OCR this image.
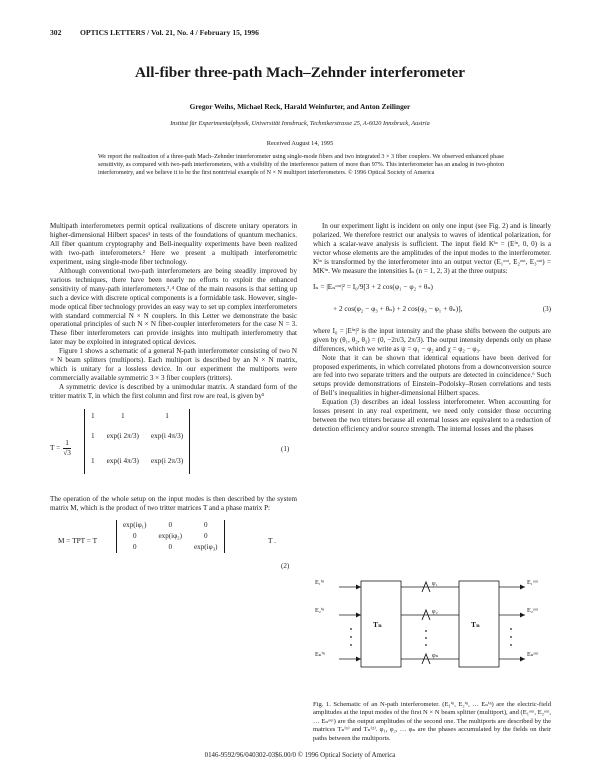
302 OPTICS LETTERS / Vol. 21, No. 4 / February 15, 1996
All-fiber three-path Mach–Zehnder interferometer
Gregor Weihs, Michael Reck, Harald Weinfurter, and Anton Zeilinger
Institut für Experimentalphysik, Universität Innsbruck, Technikerstrasse 25, A-6020 Innsbruck, Austria
Received August 14, 1995
We report the realization of a three-path Mach–Zehnder interferometer using single-mode fibers and two integrated 3 × 3 fiber couplers. We observed enhanced phase sensitivity, as compared with two-path interferometers, with a visibility of the interference pattern of more than 97%. This interferometer has an analog in two-photon interferometry, and we believe it to be the first nontrivial example of N × N multiport interferometers. © 1996 Optical Society of America

Multipath interferometers permit optical realizations of discrete unitary operators in higher-dimensional Hilbert spaces¹ in tests of the foundations of quantum mechanics. All fiber quantum cryptography and Bell-inequality experiments have been realized with two-path inteferometers.² Here we present a multipath interferometric experiment, using single-mode fiber technology.

Although conventional two-path interferometers are being steadily improved by various techniques, there have been nearly no efforts to exploit the enhanced sensitivity of many-path interferometers.³˒⁴ One of the main reasons is that setting up such a device with discrete optical components is a formidable task. However, single-mode optical fiber technology provides an easy way to set up complex interferometers with standard commercial N × N couplers. In this Letter we demonstrate the basic operational principles of such N × N fiber-coupler interferometers for the case N = 3. These fiber interferometers can provide insights into multipath interferometry that later may be exploited in integrated optical devices.

Figure 1 shows a schematic of a general N-path interferometer consisting of two N × N beam splitters (multiports). Each multiport is described by an N × N matrix, which is unitary for a lossless device. In our experiment the multiports were commercially available symmetric 3 × 3 fiber couplers (tritters).

A symmetric device is described by a unimodular matrix. A standard form of the tritter matrix T, in which the first column and first row are real, is given by⁵

$T = \frac{1}{√3}$
1	1	1
1	exp(i 2π/3)	exp(i 4π/3)
1	exp(i 4π/3)	exp(i 2π/3)
(1)

The operation of the whole setup on the input modes is then described by the system matrix M, which is the product of two tritter matrices T and a phase matrix P:

M = TPT = T
exp(iφ₁)	0	0
0	exp(iφ₂)	0
0	0	exp(iφ₃)
T .
(2)

In our experiment light is incident on only one input (see Fig. 2) and is linearly polarized. We therefore restrict our analysis to waves of identical polarization, for which a scalar-wave analysis is sufficient. The input field Kⁱⁿ = (Eⁱⁿ, 0, 0) is a vector whose elements are the amplitudes of the input modes to the interferometer. Kⁱⁿ is transformed by the interferometer into an output vector (E₁ᵒᵘᵗ, E₂ᵒᵘᵗ, E₃ᵒᵘᵗ) = MKⁱⁿ. We measure the intensities Iₙ (n = 1, 2, 3) at the three outputs:

Iₙ = |Eₙᵒᵘᵗ|² = I₀/9[3 + 2 cos(φ₁ − φ₂ + θₙ)
+ 2 cos(φ₂ − φ₃ + θₙ) + 2 cos(φ₃ − φ₁ + θₙ)],	(3)

where I₀ = |Eⁱⁿ|² is the input intensity and the phase shifts between the outputs are given by (θ₁, θ₂, θ₃) = (0, −2π/3, 2π/3). The output intensity depends only on phase differences, which we write as ψ = φ₁ − φ₂ and χ = φ₂ − φ₃.

Note that it can be shown that identical equations have been derived for proposed experiments, in which correlated photons from a downconversion source are fed into two separate tritters and the outputs are detected in coincidence.⁶ Such setups provide demonstrations of Einstein–Podolsky–Rosen correlations and tests of Bell’s inequalities in higher-dimensional Hilbert spaces.

Equation (3) describes an ideal lossless interferometer. When accounting for losses present in any real experiment, we need only consider those occurring between the two tritters because all external losses are equivalent to a reduction of detection efficiency and/or source strength. The internal losses and the phases

E₁ⁱⁿ
E₂ⁱⁿ
Eₙⁱⁿ
Tₙ
φ₁
φ₂
φₙ
Tₙ
E₁ᵒᵘᵗ
E₂ᵒᵘᵗ
Eₙᵒᵘᵗ
Fig. 1. Schematic of an N-path interferometer. (E₁ⁱⁿ, E₂ⁱⁿ, … Eₙⁱⁿ) are the electric-field amplitudes at the input modes of the first N × N beam splitter (multiport), and (E₁ᵒᵘᵗ, E₂ᵒᵘᵗ, … Eₙᵒᵘᵗ) are the output amplitudes of the second one. The multiports are described by the matrices Tₙ⁽¹⁾ and Tₙ⁽²⁾. φ₁, φ₂, … φₙ are the phases accumulated by the fields on their paths between the multiports.
0146-9592/96/040302-03$6.00/0 © 1996 Optical Society of America
